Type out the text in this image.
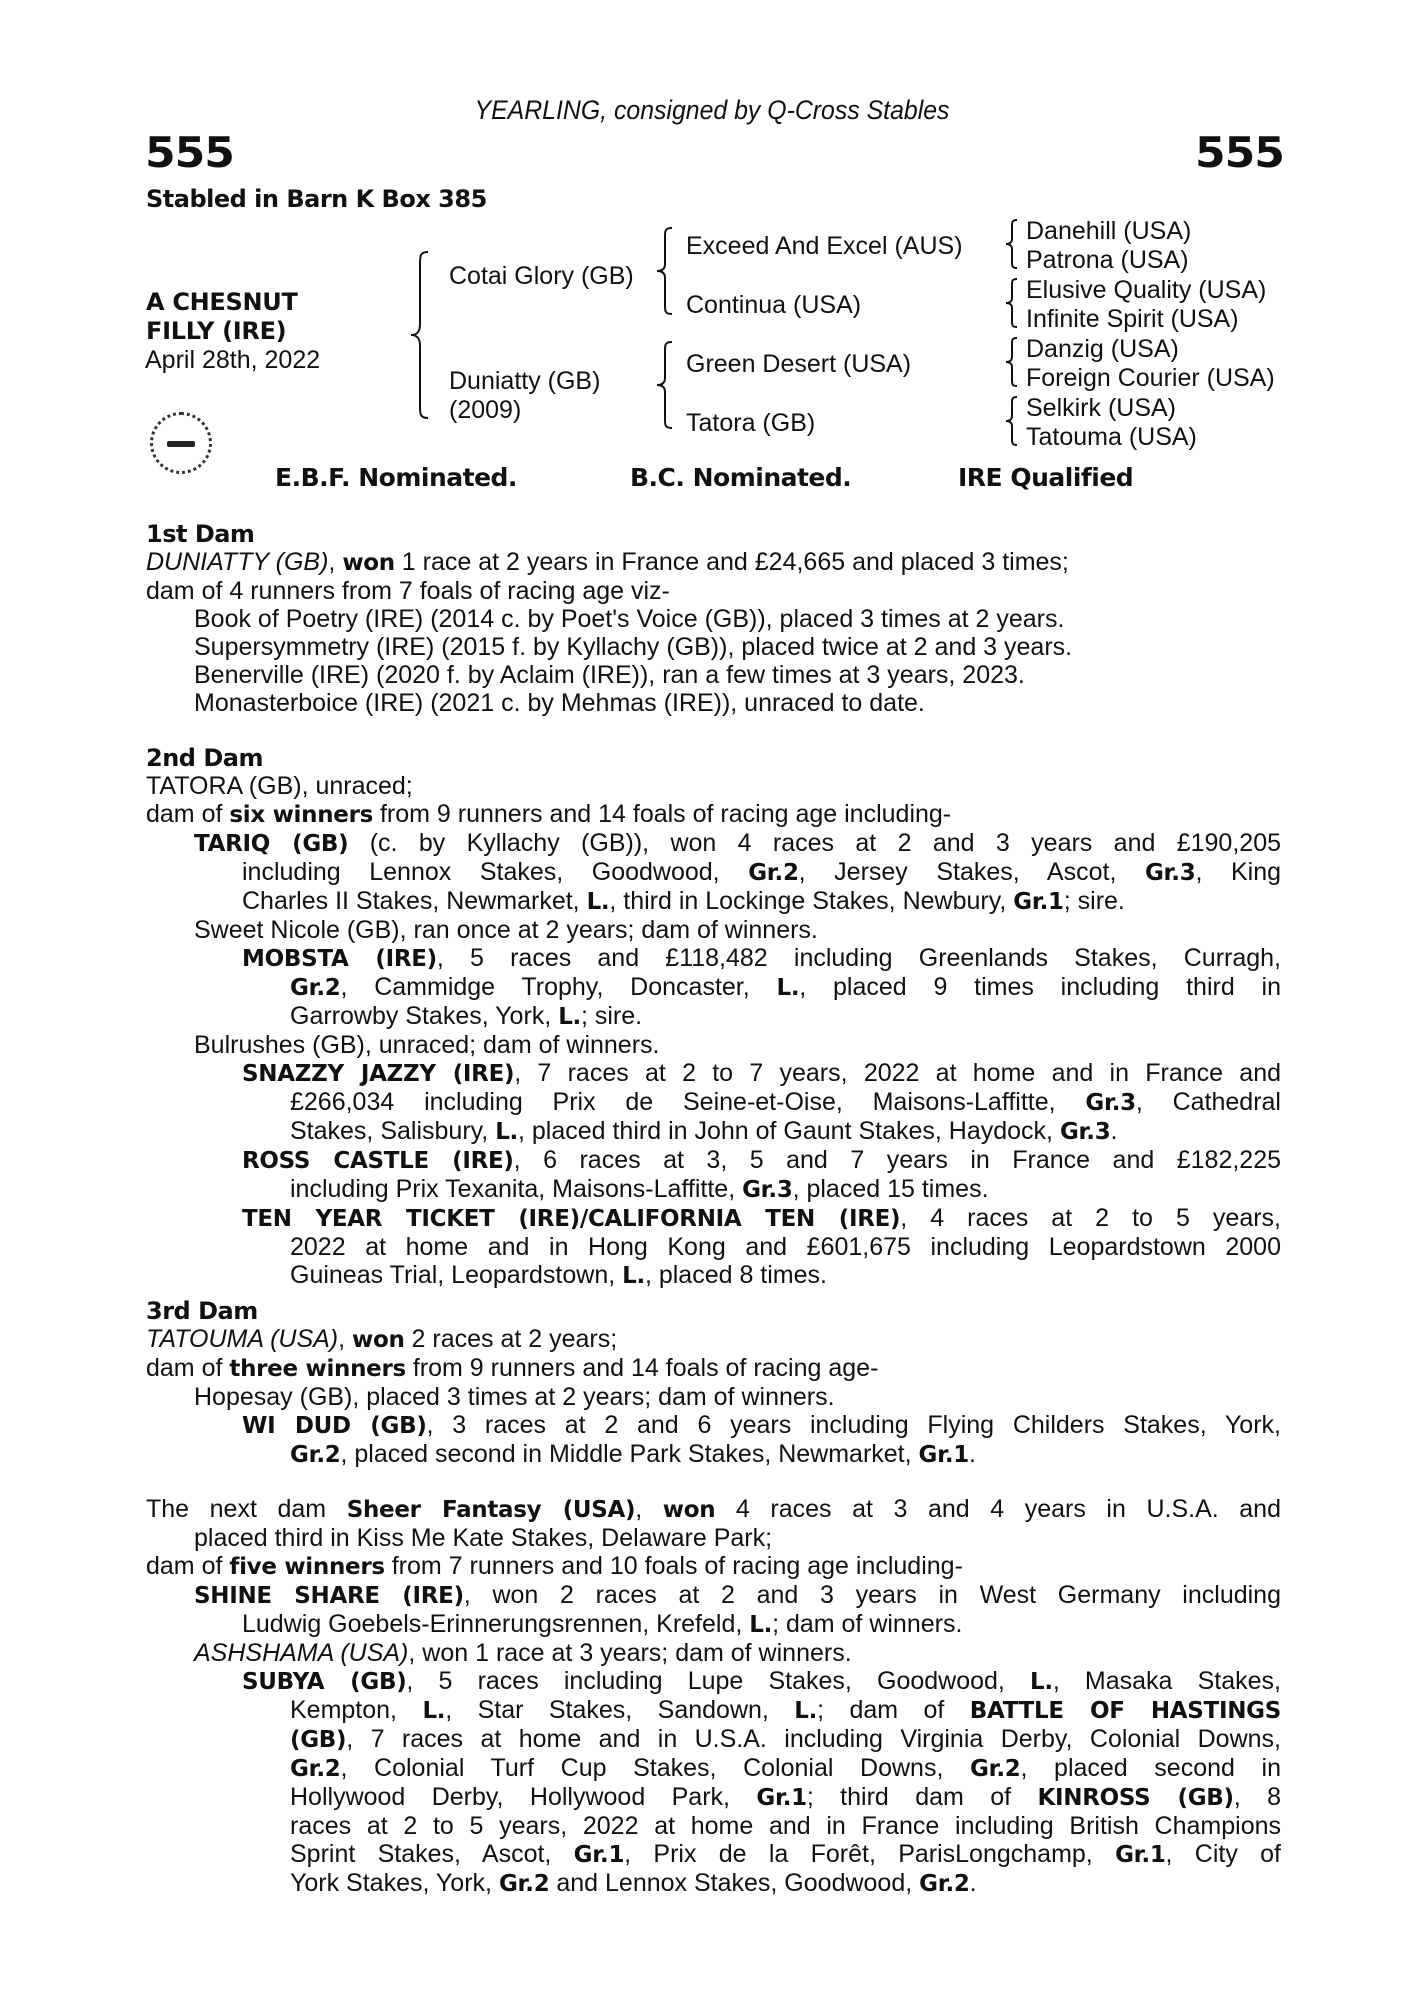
YEARLING, consigned by Q-Cross Stables
555	555
Stabled in Barn K Box 385
A CHESNUT
FILLY (IRE)
April 28th, 2022
Cotai Glory (GB)
Duniatty (GB)
(2009)
Exceed And Excel (AUS)
Continua (USA)
Green Desert (USA)
Tatora (GB)
Danehill (USA)
Patrona (USA)
Elusive Quality (USA)
Infinite Spirit (USA)
Danzig (USA)
Foreign Courier (USA)
Selkirk (USA)
Tatouma (USA)
E.B.F. Nominated.	B.C. Nominated.	IRE Qualified
1st Dam
DUNIATTY (GB), won 1 race at 2 years in France and £24,665 and placed 3 times;
dam of 4 runners from 7 foals of racing age viz-
Book of Poetry (IRE) (2014 c. by Poet's Voice (GB)), placed 3 times at 2 years.
Supersymmetry (IRE) (2015 f. by Kyllachy (GB)), placed twice at 2 and 3 years.
Benerville (IRE) (2020 f. by Aclaim (IRE)), ran a few times at 3 years, 2023.
Monasterboice (IRE) (2021 c. by Mehmas (IRE)), unraced to date.
2nd Dam
TATORA (GB), unraced;
dam of six winners from 9 runners and 14 foals of racing age including-
TARIQ (GB) (c. by Kyllachy (GB)), won 4 races at 2 and 3 years and £190,205
including Lennox Stakes, Goodwood, Gr.2, Jersey Stakes, Ascot, Gr.3, King
Charles II Stakes, Newmarket, L., third in Lockinge Stakes, Newbury, Gr.1; sire.
Sweet Nicole (GB), ran once at 2 years; dam of winners.
MOBSTA (IRE), 5 races and £118,482 including Greenlands Stakes, Curragh,
Gr.2, Cammidge Trophy, Doncaster, L., placed 9 times including third in
Garrowby Stakes, York, L.; sire.
Bulrushes (GB), unraced; dam of winners.
SNAZZY JAZZY (IRE), 7 races at 2 to 7 years, 2022 at home and in France and
£266,034 including Prix de Seine-et-Oise, Maisons-Laffitte, Gr.3, Cathedral
Stakes, Salisbury, L., placed third in John of Gaunt Stakes, Haydock, Gr.3.
ROSS CASTLE (IRE), 6 races at 3, 5 and 7 years in France and £182,225
including Prix Texanita, Maisons-Laffitte, Gr.3, placed 15 times.
TEN YEAR TICKET (IRE)/CALIFORNIA TEN (IRE), 4 races at 2 to 5 years,
2022 at home and in Hong Kong and £601,675 including Leopardstown 2000
Guineas Trial, Leopardstown, L., placed 8 times.
3rd Dam
TATOUMA (USA), won 2 races at 2 years;
dam of three winners from 9 runners and 14 foals of racing age-
Hopesay (GB), placed 3 times at 2 years; dam of winners.
WI DUD (GB), 3 races at 2 and 6 years including Flying Childers Stakes, York,
Gr.2, placed second in Middle Park Stakes, Newmarket, Gr.1.
The next dam Sheer Fantasy (USA), won 4 races at 3 and 4 years in U.S.A. and
placed third in Kiss Me Kate Stakes, Delaware Park;
dam of five winners from 7 runners and 10 foals of racing age including-
SHINE SHARE (IRE), won 2 races at 2 and 3 years in West Germany including
Ludwig Goebels-Erinnerungsrennen, Krefeld, L.; dam of winners.
ASHSHAMA (USA), won 1 race at 3 years; dam of winners.
SUBYA (GB), 5 races including Lupe Stakes, Goodwood, L., Masaka Stakes,
Kempton, L., Star Stakes, Sandown, L.; dam of BATTLE OF HASTINGS
(GB), 7 races at home and in U.S.A. including Virginia Derby, Colonial Downs,
Gr.2, Colonial Turf Cup Stakes, Colonial Downs, Gr.2, placed second in
Hollywood Derby, Hollywood Park, Gr.1; third dam of KINROSS (GB), 8
races at 2 to 5 years, 2022 at home and in France including British Champions
Sprint Stakes, Ascot, Gr.1, Prix de la Forêt, ParisLongchamp, Gr.1, City of
York Stakes, York, Gr.2 and Lennox Stakes, Goodwood, Gr.2.
